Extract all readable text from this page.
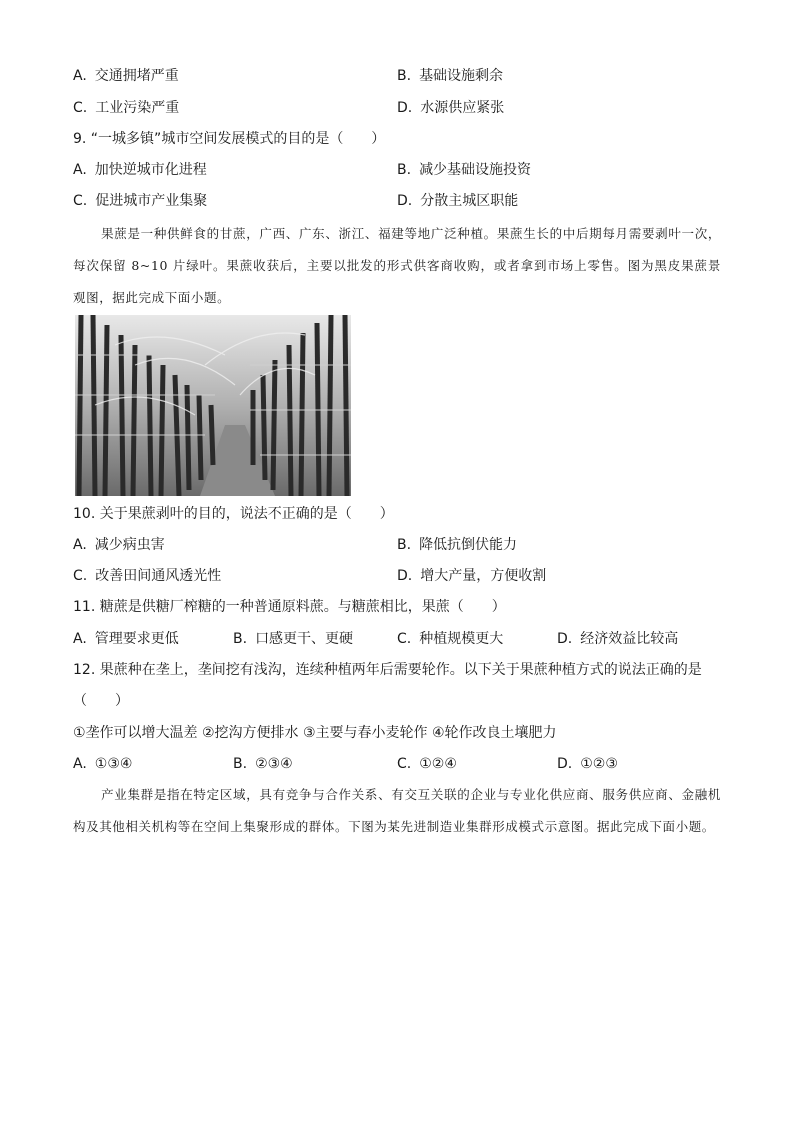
A. 交通拥堵严重	B. 基础设施剩余
C. 工业污染严重	D. 水源供应紧张
9. “一城多镇”城市空间发展模式的目的是（　　）
A. 加快逆城市化进程	B. 减少基础设施投资
C. 促进城市产业集聚	D. 分散主城区职能
果蔗是一种供鲜食的甘蔗，广西、广东、浙江、福建等地广泛种植。果蔗生长的中后期每月需要剥叶一次，每次保留 8~10 片绿叶。果蔗收获后，主要以批发的形式供客商收购，或者拿到市场上零售。图为黑皮果蔗景观图，据此完成下面小题。
10. 关于果蔗剥叶的目的，说法不正确的是（　　）
A. 减少病虫害	B. 降低抗倒伏能力
C. 改善田间通风透光性	D. 增大产量，方便收割
11. 糖蔗是供糖厂榨糖的一种普通原料蔗。与糖蔗相比，果蔗（　　）
A. 管理要求更低	B. 口感更干、更硬	C. 种植规模更大	D. 经济效益比较高
12. 果蔗种在垄上，垄间挖有浅沟，连续种植两年后需要轮作。以下关于果蔗种植方式的说法正确的是
（　　）
①垄作可以增大温差 ②挖沟方便排水 ③主要与春小麦轮作 ④轮作改良土壤肥力
A. ①③④	B. ②③④	C. ①②④	D. ①②③
产业集群是指在特定区域，具有竞争与合作关系、有交互关联的企业与专业化供应商、服务供应商、金融机构及其他相关机构等在空间上集聚形成的群体。下图为某先进制造业集群形成模式示意图。据此完成下面小题。
